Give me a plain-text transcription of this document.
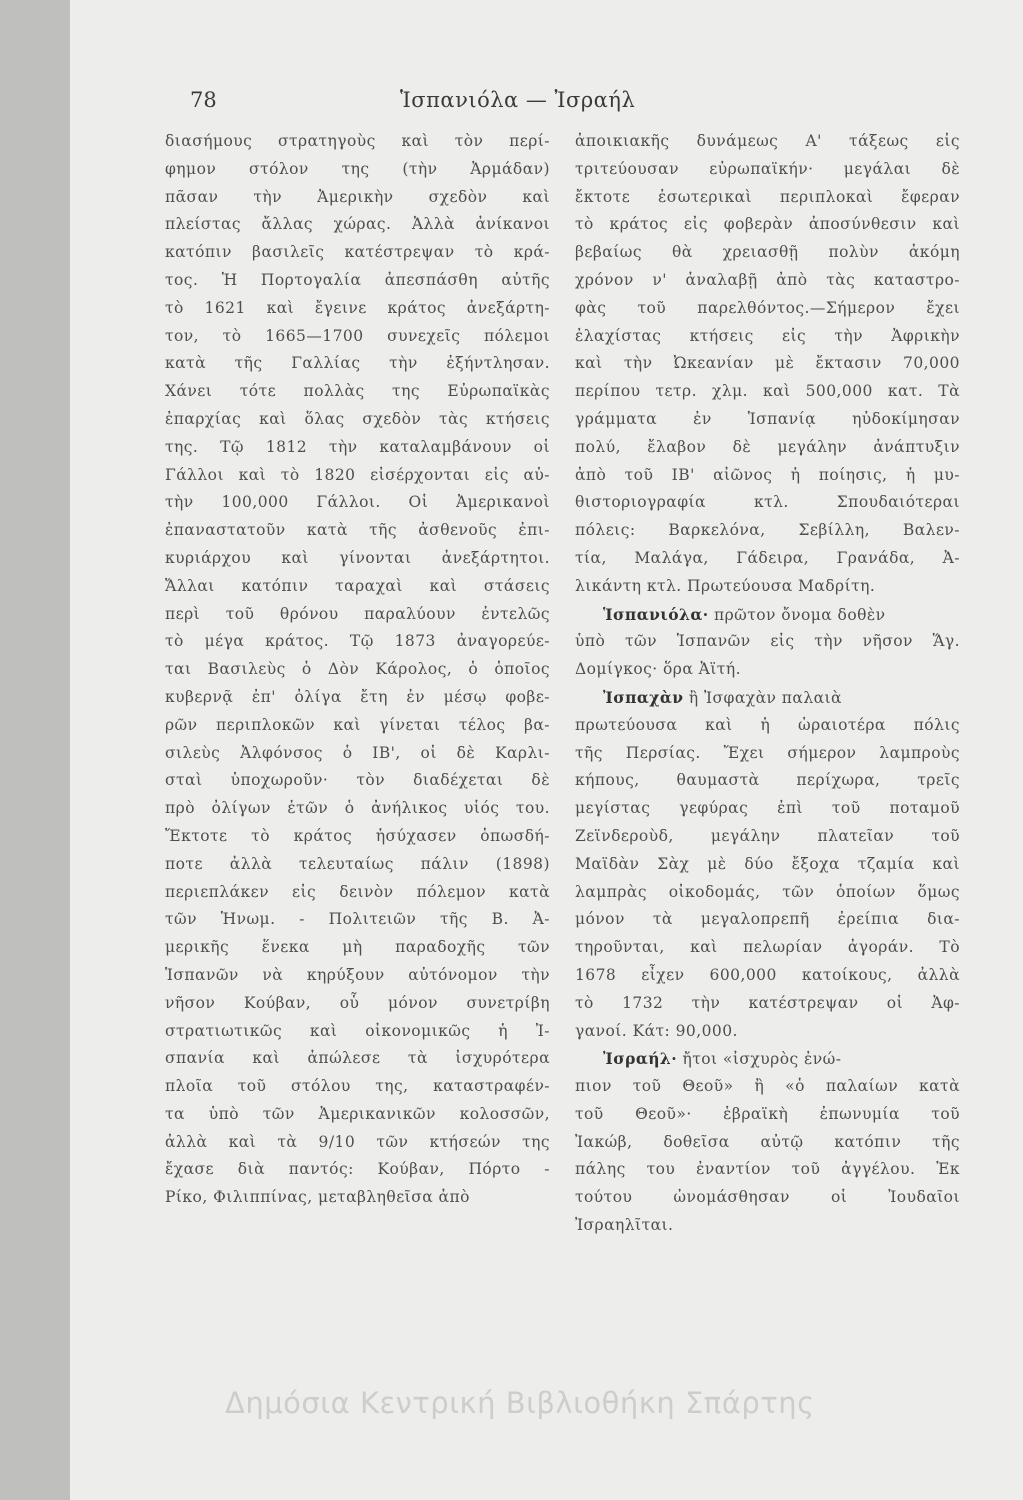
78	Ἱσπανιόλα — Ἰσραήλ
διασήμους στρατηγοὺς καὶ τὸν περί-
φημον στόλον της (τὴν Ἀρμάδαν)
πᾶσαν τὴν Ἀμερικὴν σχεδὸν καὶ
πλείστας ἄλλας χώρας. Ἀλλὰ ἀνίκανοι
κατόπιν βασιλεῖς κατέστρεψαν τὸ κρά-
τος. Ἡ Πορτογαλία ἀπεσπάσθη αὐτῆς
τὸ 1621 καὶ ἔγεινε κράτος ἀνεξάρτη-
τον, τὸ 1665—1700 συνεχεῖς πόλεμοι
κατὰ τῆς Γαλλίας τὴν ἐξήντλησαν.
Χάνει τότε πολλὰς της Εὐρωπαϊκὰς
ἐπαρχίας καὶ ὅλας σχεδὸν τὰς κτήσεις
της. Τῷ 1812 τὴν καταλαμβάνουν οἱ
Γάλλοι καὶ τὸ 1820 εἰσέρχονται εἰς αὐ-
τὴν 100,000 Γάλλοι. Οἱ Ἀμερικανοὶ
ἐπαναστατοῦν κατὰ τῆς ἀσθενοῦς ἐπι-
κυριάρχου καὶ γίνονται ἀνεξάρτητοι.
Ἄλλαι κατόπιν ταραχαὶ καὶ στάσεις
περὶ τοῦ θρόνου παραλύουν ἐντελῶς
τὸ μέγα κράτος. Τῷ 1873 ἀναγορεύε-
ται Βασιλεὺς ὁ Δὸν Κάρολος, ὁ ὁποῖος
κυβερνᾷ ἐπ' ὀλίγα ἔτη ἐν μέσῳ φοβε-
ρῶν περιπλοκῶν καὶ γίνεται τέλος βα-
σιλεὺς Ἀλφόνσος ὁ ΙΒ', οἱ δὲ Καρλι-
σταὶ ὑποχωροῦν· τὸν διαδέχεται δὲ
πρὸ ὀλίγων ἐτῶν ὁ ἀνήλικος υἱός του.
Ἔκτοτε τὸ κράτος ἡσύχασεν ὁπωσδή-
ποτε ἀλλὰ τελευταίως πάλιν (1898)
περιεπλάκεν εἰς δεινὸν πόλεμον κατὰ
τῶν Ἡνωμ. - Πολιτειῶν τῆς Β. Ἀ-
μερικῆς ἕνεκα μὴ παραδοχῆς τῶν
Ἱσπανῶν νὰ κηρύξουν αὐτόνομον τὴν
νῆσον Κούβαν, οὗ μόνον συνετρίβη
στρατιωτικῶς καὶ οἰκονομικῶς ἡ Ἰ-
σπανία καὶ ἀπώλεσε τὰ ἰσχυρότερα
πλοῖα τοῦ στόλου της, καταστραφέν-
τα ὑπὸ τῶν Ἀμερικανικῶν κολοσσῶν,
ἀλλὰ καὶ τὰ 9/10 τῶν κτήσεών της
ἔχασε διὰ παντός: Κούβαν, Πόρτο -
Ρίκο, Φιλιππίνας, μεταβληθεῖσα ἀπὸ
ἀποικιακῆς δυνάμεως Α' τάξεως εἰς
τριτεύουσαν εὐρωπαϊκήν· μεγάλαι δὲ
ἔκτοτε ἐσωτερικαὶ περιπλοκαὶ ἔφεραν
τὸ κράτος εἰς φοβερὰν ἀποσύνθεσιν καὶ
βεβαίως θὰ χρειασθῇ πολὺν ἀκόμη
χρόνον ν' ἀναλαβῇ ἀπὸ τὰς καταστρο-
φὰς τοῦ παρελθόντος.—Σήμερον ἔχει
ἐλαχίστας κτήσεις εἰς τὴν Ἀφρικὴν
καὶ τὴν Ὠκεανίαν μὲ ἔκτασιν 70,000
περίπου τετρ. χλμ. καὶ 500,000 κατ. Τὰ
γράμματα ἐν Ἱσπανίᾳ ηὐδοκίμησαν
πολύ, ἔλαβον δὲ μεγάλην ἀνάπτυξιν
ἀπὸ τοῦ ΙΒ' αἰῶνος ἡ ποίησις, ἡ μυ-
θιστοριογραφία κτλ. Σπουδαιότεραι
πόλεις: Βαρκελόνα, Σεβίλλη, Βαλεν-
τία, Μαλάγα, Γάδειρα, Γρανάδα, Ἀ-
λικάντη κτλ. Πρωτεύουσα Μαδρίτη.
Ἱσπανιόλα· πρῶτον ὄνομα δοθὲν
ὑπὸ τῶν Ἱσπανῶν εἰς τὴν νῆσον Ἅγ.
Δομίγκος· ὅρα Ἀϊτή.
Ἰσπαχὰν ἢ Ἰσφαχὰν παλαιὰ
πρωτεύουσα καὶ ἡ ὡραιοτέρα πόλις
τῆς Περσίας. Ἔχει σήμερον λαμπροὺς
κήπους, θαυμαστὰ περίχωρα, τρεῖς
μεγίστας γεφύρας ἐπὶ τοῦ ποταμοῦ
Ζεϊνδεροὺδ, μεγάλην πλατεῖαν τοῦ
Μαϊδὰν Σὰχ μὲ δύο ἔξοχα τζαμία καὶ
λαμπρὰς οἰκοδομάς, τῶν ὁποίων ὅμως
μόνον τὰ μεγαλοπρεπῆ ἐρείπια δια-
τηροῦνται, καὶ πελωρίαν ἀγοράν. Τὸ
1678 εἶχεν 600,000 κατοίκους, ἀλλὰ
τὸ 1732 τὴν κατέστρεψαν οἱ Ἀφ-
γανοί. Κάτ: 90,000.
Ἰσραήλ· ἤτοι «ἰσχυρὸς ἐνώ-
πιον τοῦ Θεοῦ» ἢ «ὁ παλαίων κατὰ
τοῦ Θεοῦ»· ἑβραϊκὴ ἐπωνυμία τοῦ
Ἰακώβ, δοθεῖσα αὐτῷ κατόπιν τῆς
πάλης του ἐναντίον τοῦ ἀγγέλου. Ἐκ
τούτου ὠνομάσθησαν οἱ Ἰουδαῖοι
Ἰσραηλῖται.
Δημόσια Κεντρική Βιβλιοθήκη Σπάρτης
